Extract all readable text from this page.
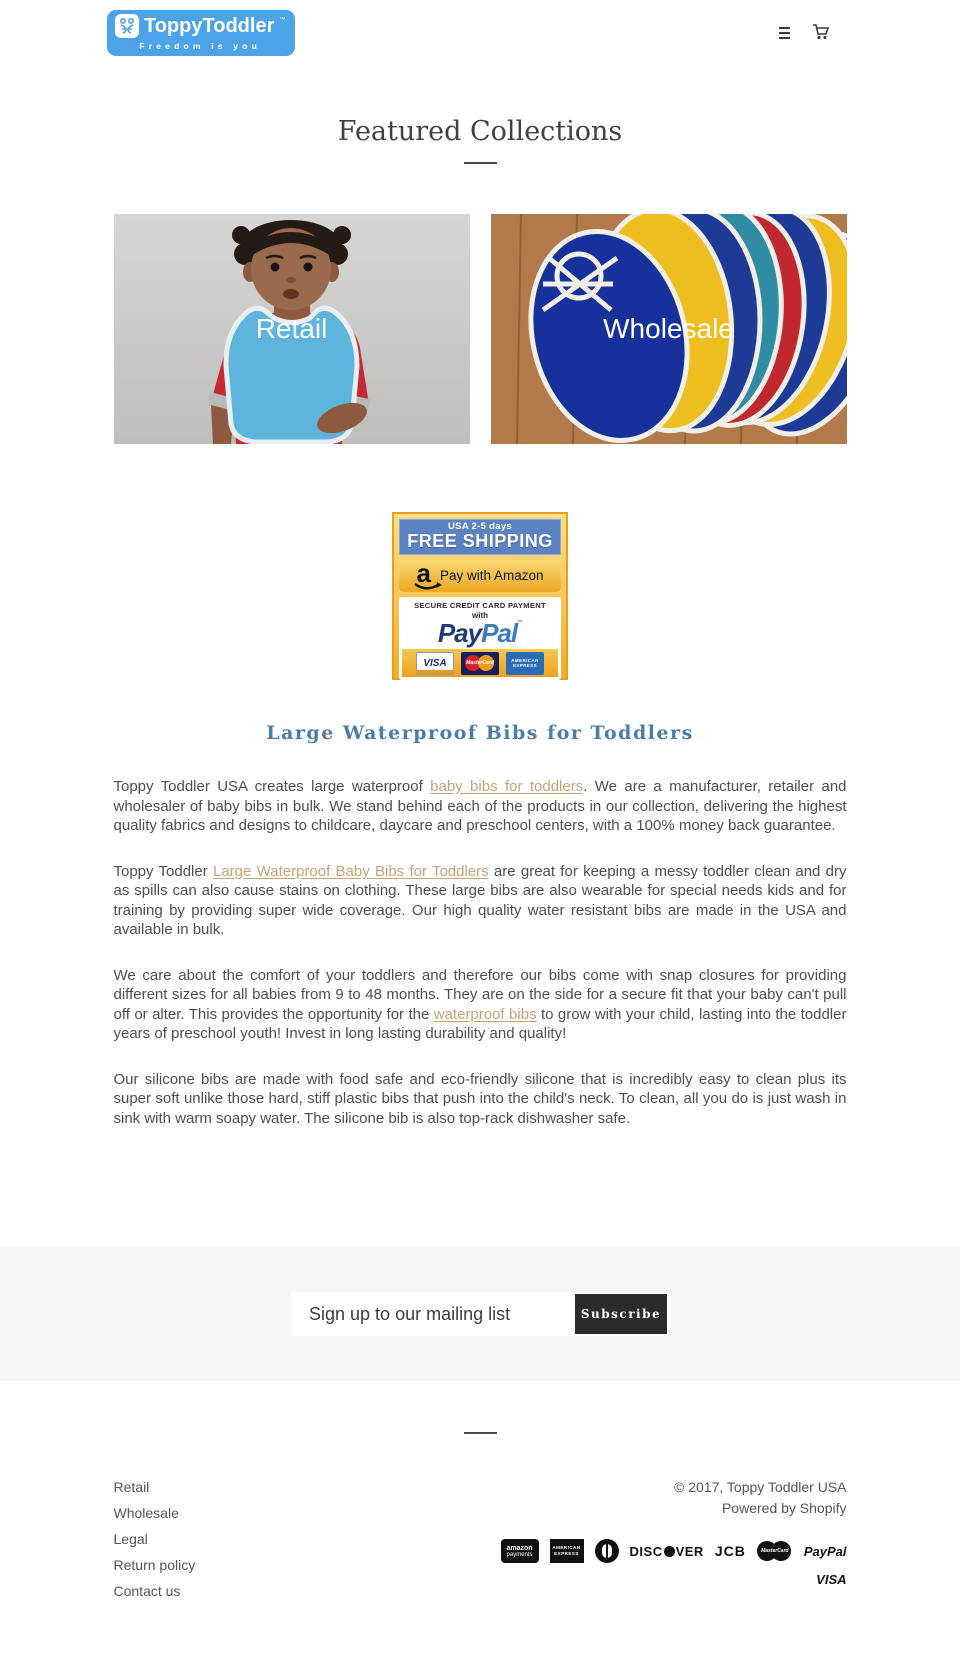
ToppyToddler ™
Freedom is you
Featured Collections
Retail	Wholesale
USA 2-5 days
FREE SHIPPING
a Pay with Amazon
SECURE CREDIT CARD PAYMENT
with
PayPal™
VISA	MasterCard	AMERICAN EXPRESS
Large Waterproof Bibs for Toddlers

Toppy Toddler USA creates large waterproof baby bibs for toddlers. We are a manufacturer, retailer and wholesaler of baby bibs in bulk. We stand behind each of the products in our collection, delivering the highest quality fabrics and designs to childcare, daycare and preschool centers, with a 100% money back guarantee.

Toppy Toddler Large Waterproof Baby Bibs for Toddlers are great for keeping a messy toddler clean and dry as spills can also cause stains on clothing. These large bibs are also wearable for special needs kids and for training by providing super wide coverage. Our high quality water resistant bibs are made in the USA and available in bulk.

We care about the comfort of your toddlers and therefore our bibs come with snap closures for providing different sizes for all babies from 9 to 48 months. They are on the side for a secure fit that your baby can't pull off or alter. This provides the opportunity for the waterproof bibs to grow with your child, lasting into the toddler years of preschool youth! Invest in long lasting durability and quality!

Our silicone bibs are made with food safe and eco-friendly silicone that is incredibly easy to clean plus its super soft unlike those hard, stiff plastic bibs that push into the child's neck. To clean, all you do is just wash in sink with warm soapy water. The silicone bib is also top-rack dishwasher safe.

Sign up to our mailing list
Subscribe
Retail
Wholesale
Legal
Return policy
Contact us
© 2017, Toppy Toddler USA
Powered by Shopify
amazon
payments
AMERICAN
EXPRESS	DISC VER JCB	MasterCard	PayPal
VISA
